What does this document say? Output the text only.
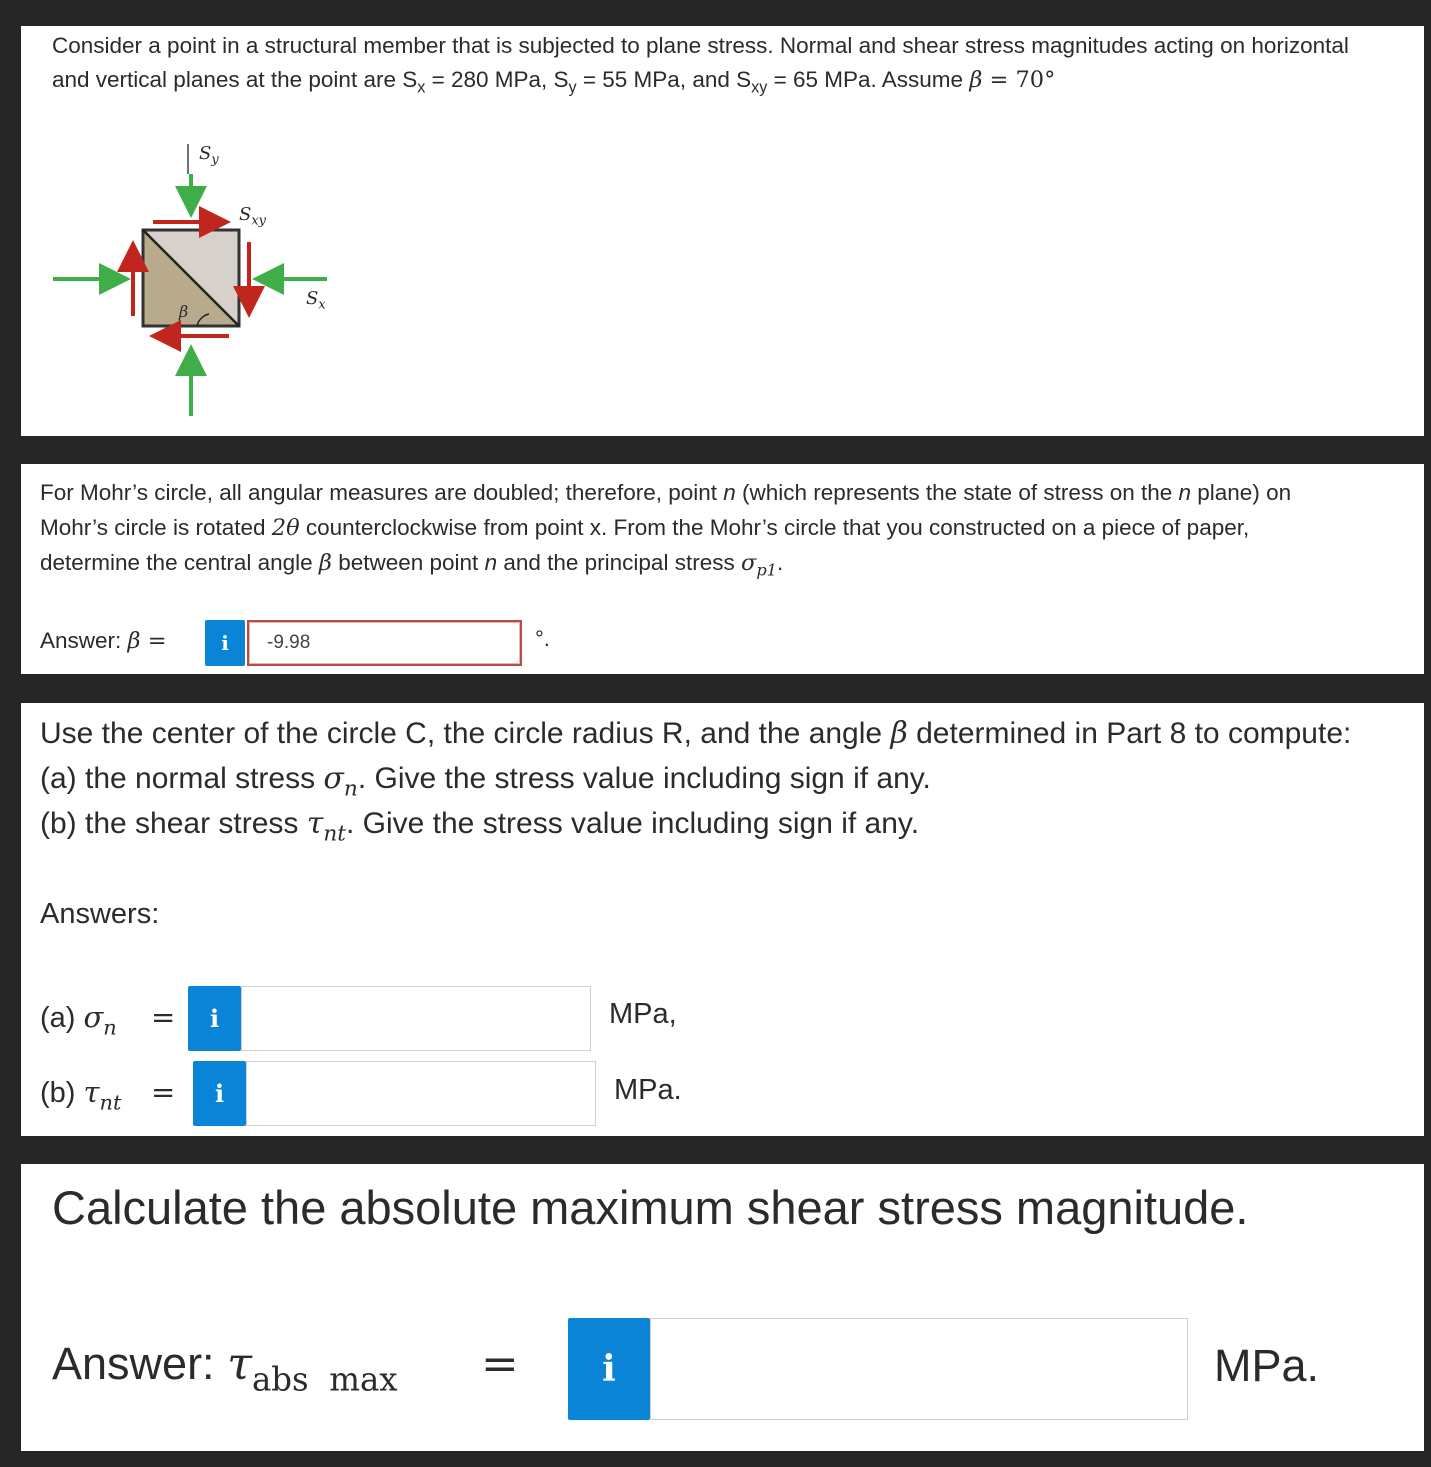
Consider a point in a structural member that is subjected to plane stress. Normal and shear stress magnitudes acting on horizontal
and vertical planes at the point are $S_x = 280$ MPa, $S_y = 55$ MPa, and $S_{xy} = 65$ MPa. Assume β = 70°
$S_y$
$S_{xy}$
$S_x$
β
For Mohr’s circle, all angular measures are doubled; therefore, point n (which represents the state of stress on the n plane) on
Mohr’s circle is rotated 2θ counterclockwise from point x. From the Mohr’s circle that you constructed on a piece of paper,
determine the central angle β between point n and the principal stress $\sigma_{p1}$.
Answer: β =	i	-9.98	°.
Use the center of the circle C, the circle radius R, and the angle β determined in Part 8 to compute:
(a) the normal stress $\sigma_n$. Give the stress value including sign if any.
(b) the shear stress $\tau_{nt}$. Give the stress value including sign if any.
Answers:
(a) $\sigma_n$ =	i	MPa,
(b) $\tau_{nt}$ =	i	MPa.
Calculate the absolute maximum shear stress magnitude.
Answer: $\tau_{abs max}$ =	i	MPa.
